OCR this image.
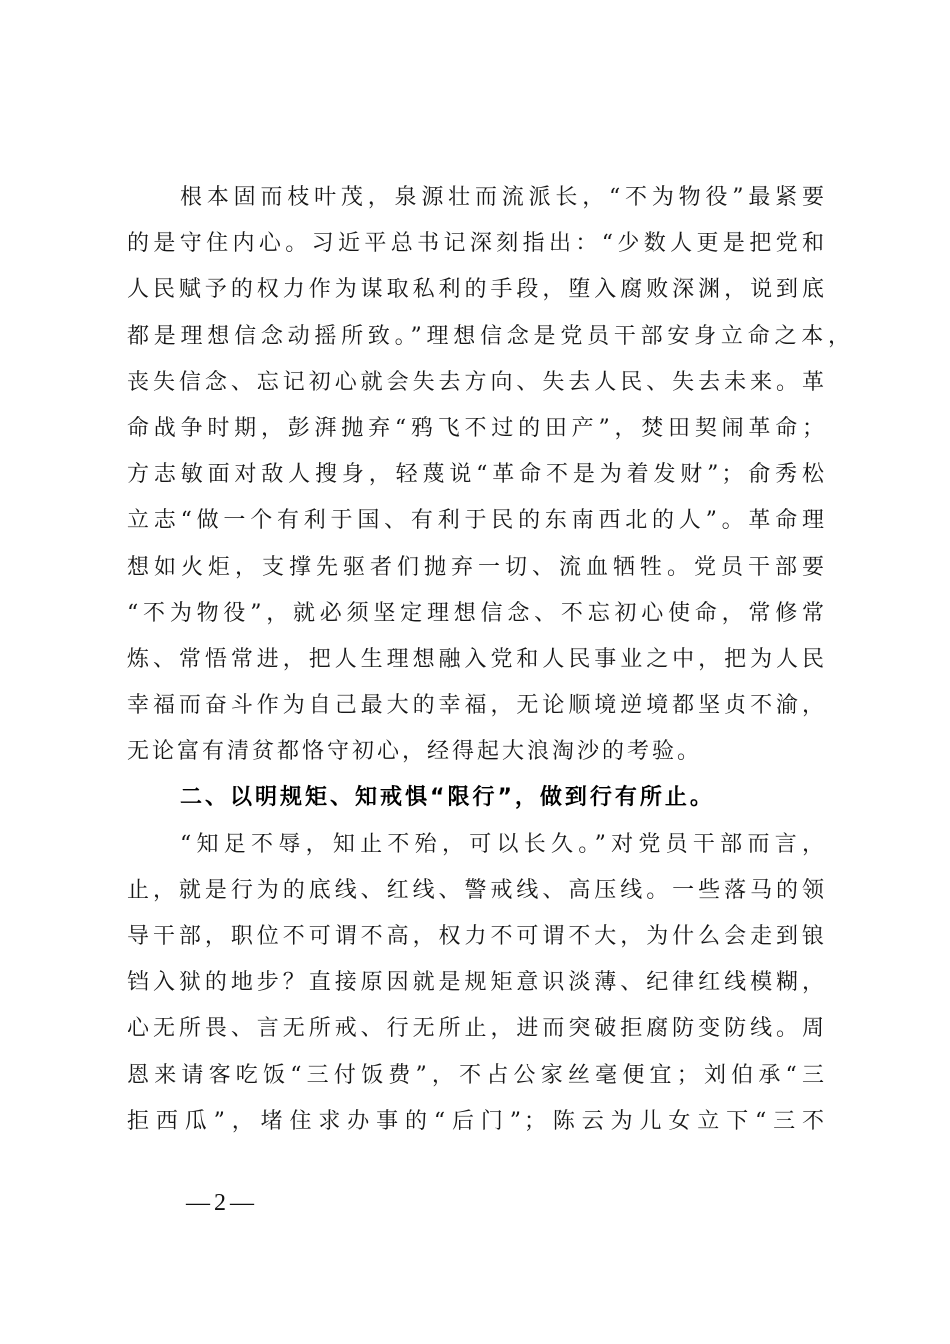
根本固而枝叶茂，泉源壮而流派长，“不为物役”最紧要
的是守住内心。习近平总书记深刻指出：“少数人更是把党和
人民赋予的权力作为谋取私利的手段，堕入腐败深渊，说到底
都是理想信念动摇所致。”理想信念是党员干部安身立命之本，
丧失信念、忘记初心就会失去方向、失去人民、失去未来。革
命战争时期，彭湃抛弃“鸦飞不过的田产”，焚田契闹革命；
方志敏面对敌人搜身，轻蔑说“革命不是为着发财”；俞秀松
立志“做一个有利于国、有利于民的东南西北的人”。革命理
想如火炬，支撑先驱者们抛弃一切、流血牺牲。党员干部要
“不为物役”，就必须坚定理想信念、不忘初心使命，常修常
炼、常悟常进，把人生理想融入党和人民事业之中，把为人民
幸福而奋斗作为自己最大的幸福，无论顺境逆境都坚贞不渝，
无论富有清贫都恪守初心，经得起大浪淘沙的考验。
二、以明规矩、知戒惧“限行”，做到行有所止。
“知足不辱，知止不殆，可以长久。”对党员干部而言，
止，就是行为的底线、红线、警戒线、高压线。一些落马的领
导干部，职位不可谓不高，权力不可谓不大，为什么会走到锒
铛入狱的地步？直接原因就是规矩意识淡薄、纪律红线模糊，
心无所畏、言无所戒、行无所止，进而突破拒腐防变防线。周
恩来请客吃饭“三付饭费”，不占公家丝毫便宜；刘伯承“三
拒西瓜”，堵住求办事的“后门”；陈云为儿女立下“三不
— 2 —
